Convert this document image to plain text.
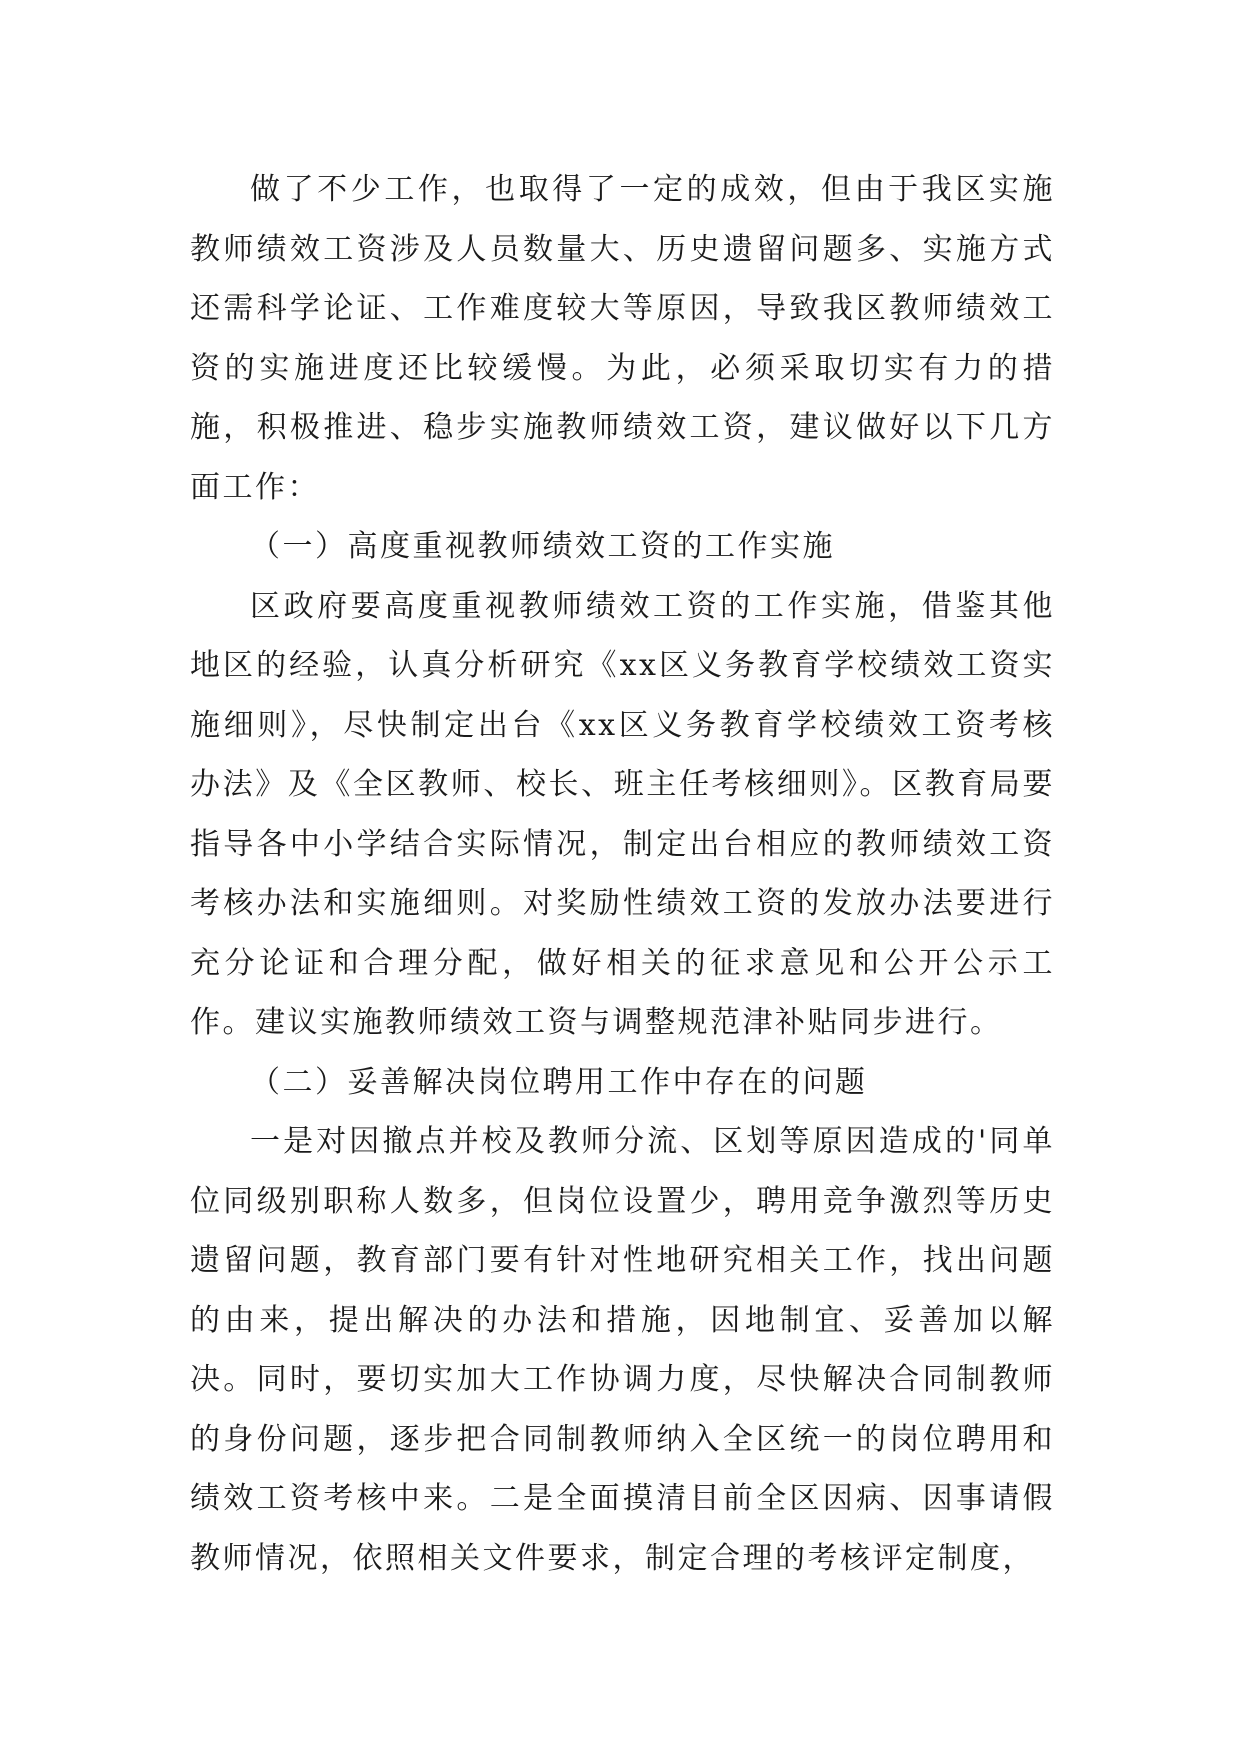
做了不少工作，也取得了一定的成效，但由于我区实施教师绩效工资涉及人员数量大、历史遗留问题多、实施方式还需科学论证、工作难度较大等原因，导致我区教师绩效工资的实施进度还比较缓慢。为此，必须采取切实有力的措施，积极推进、稳步实施教师绩效工资，建议做好以下几方面工作：

（一）高度重视教师绩效工资的工作实施

区政府要高度重视教师绩效工资的工作实施，借鉴其他地区的经验，认真分析研究《xx区义务教育学校绩效工资实施细则》，尽快制定出台《xx区义务教育学校绩效工资考核办法》及《全区教师、校长、班主任考核细则》。区教育局要指导各中小学结合实际情况，制定出台相应的教师绩效工资考核办法和实施细则。对奖励性绩效工资的发放办法要进行充分论证和合理分配，做好相关的征求意见和公开公示工作。建议实施教师绩效工资与调整规范津补贴同步进行。

（二）妥善解决岗位聘用工作中存在的问题

一是对因撤点并校及教师分流、区划等原因造成的'同单位同级别职称人数多，但岗位设置少，聘用竞争激烈等历史遗留问题，教育部门要有针对性地研究相关工作，找出问题的由来，提出解决的办法和措施，因地制宜、妥善加以解决。同时，要切实加大工作协调力度，尽快解决合同制教师的身份问题，逐步把合同制教师纳入全区统一的岗位聘用和绩效工资考核中来。二是全面摸清目前全区因病、因事请假教师情况，依照相关文件要求，制定合理的考核评定制度，
